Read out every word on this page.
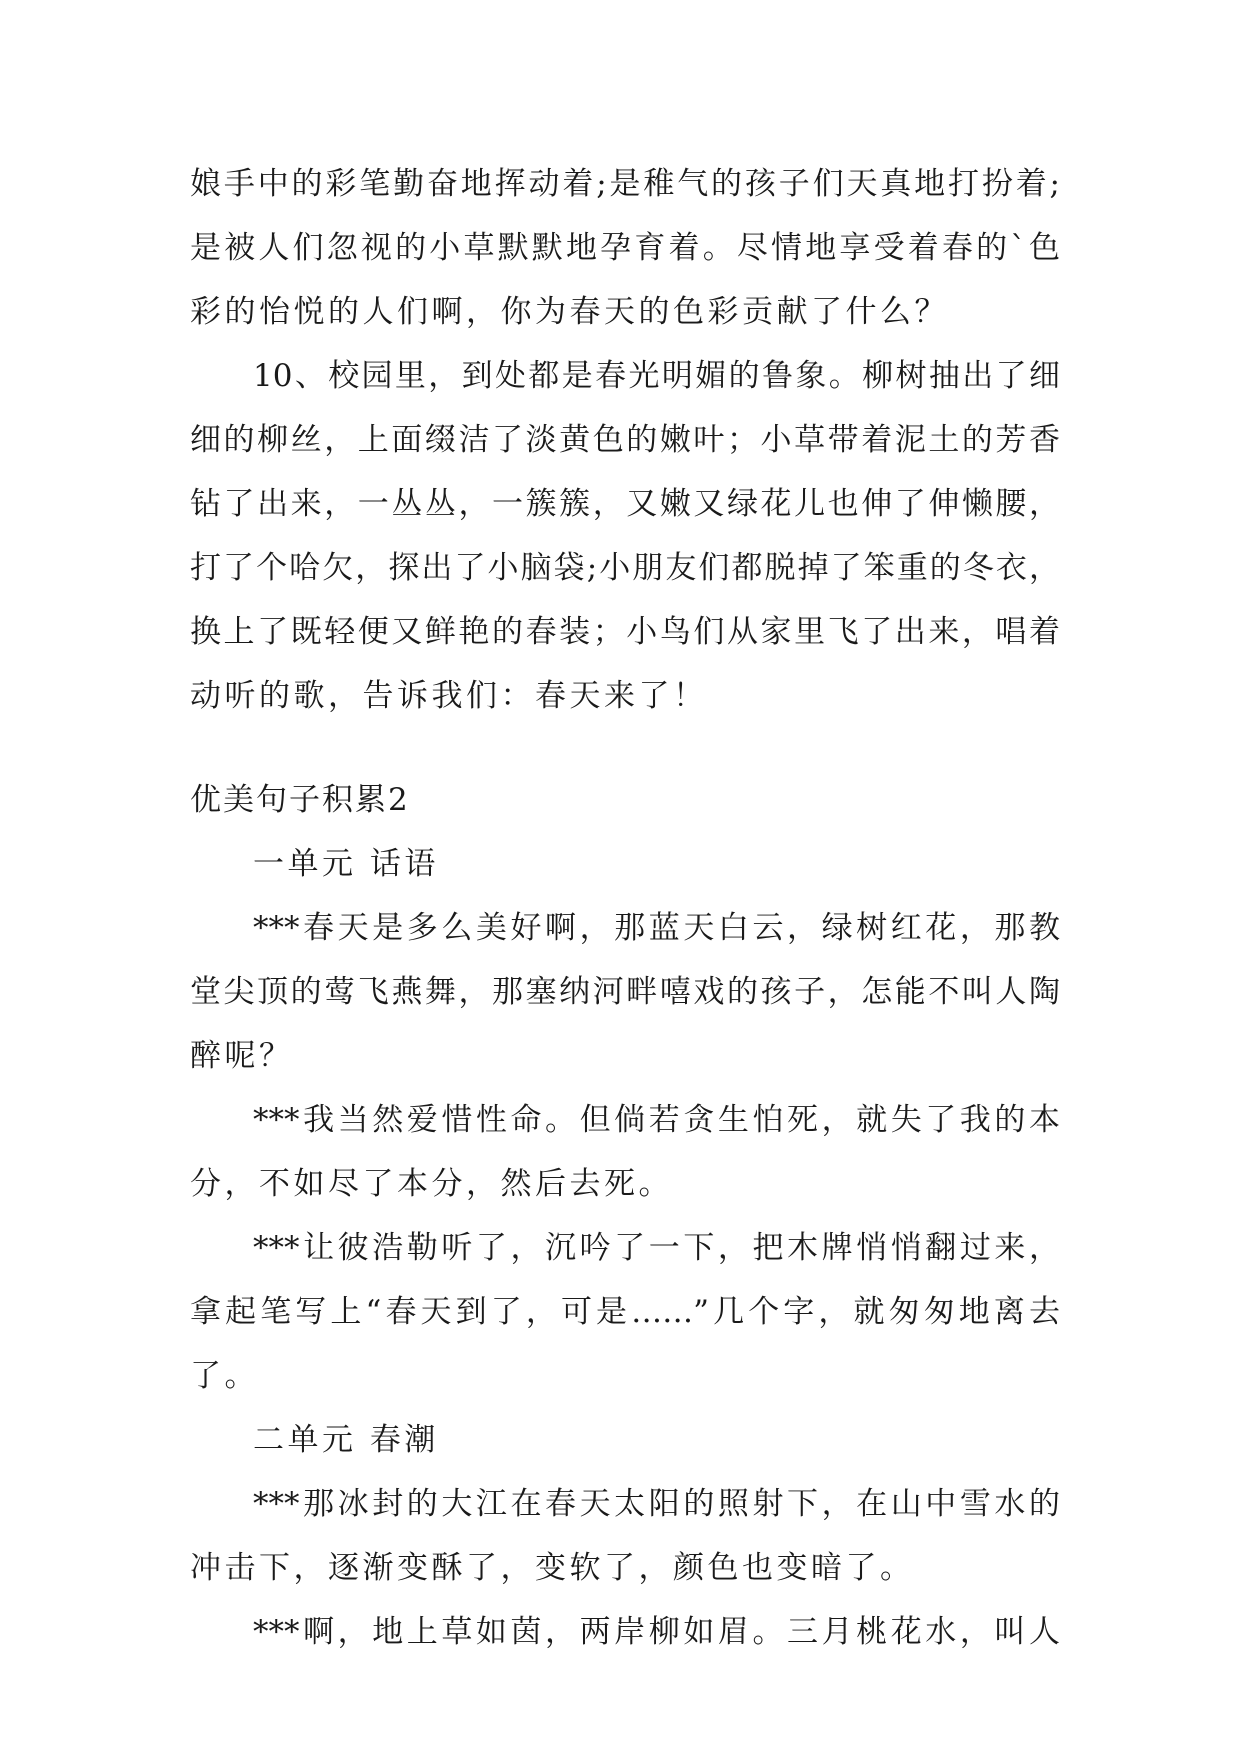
娘手中的彩笔勤奋地挥动着;是稚气的孩子们天真地打扮着;
是被人们忽视的小草默默地孕育着。尽情地享受着春的`色
彩的怡悦的人们啊，你为春天的色彩贡献了什么？
10、校园里，到处都是春光明媚的鲁象。柳树抽出了细
细的柳丝，上面缀洁了淡黄色的嫩叶；小草带着泥土的芳香
钻了出来，一丛丛，一簇簇，又嫩又绿花儿也伸了伸懒腰，
打了个哈欠，探出了小脑袋;小朋友们都脱掉了笨重的冬衣，
换上了既轻便又鲜艳的春装；小鸟们从家里飞了出来，唱着
动听的歌，告诉我们：春天来了！
优美句子积累2
一单元 话语
***春天是多么美好啊，那蓝天白云，绿树红花，那教
堂尖顶的莺飞燕舞，那塞纳河畔嘻戏的孩子，怎能不叫人陶
醉呢？
***我当然爱惜性命。但倘若贪生怕死，就失了我的本
分，不如尽了本分，然后去死。
***让彼浩勒听了，沉吟了一下，把木牌悄悄翻过来，
拿起笔写上“春天到了，可是……”几个字，就匆匆地离去
了。
二单元 春潮
***那冰封的大江在春天太阳的照射下，在山中雪水的
冲击下，逐渐变酥了，变软了，颜色也变暗了。
***啊，地上草如茵，两岸柳如眉。三月桃花水，叫人
